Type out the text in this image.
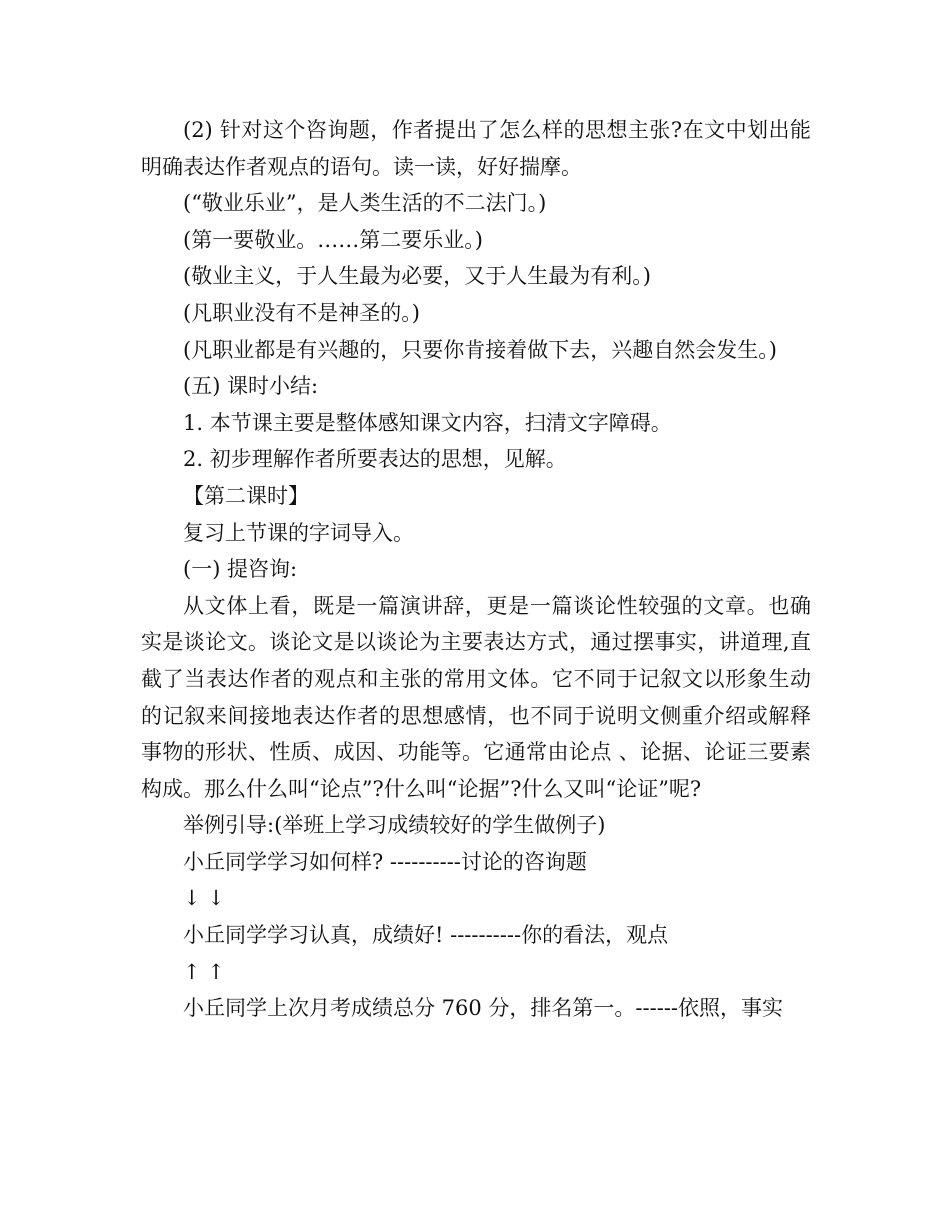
(2) 针对这个咨询题，作者提出了怎么样的思想主张?在文中划出能明确表达作者观点的语句。读一读，好好揣摩。

(“敬业乐业”，是人类生活的不二法门。)

(第一要敬业。……第二要乐业。)

(敬业主义，于人生最为必要，又于人生最为有利。)

(凡职业没有不是神圣的。)

(凡职业都是有兴趣的，只要你肯接着做下去，兴趣自然会发生。)

(五) 课时小结:

1. 本节课主要是整体感知课文内容，扫清文字障碍。

2. 初步理解作者所要表达的思想，见解。

【第二课时】

复习上节课的字词导入。

(一) 提咨询:

从文体上看，既是一篇演讲辞，更是一篇谈论性较强的文章。也确实是谈论文。谈论文是以谈论为主要表达方式，通过摆事实，讲道理,直截了当表达作者的观点和主张的常用文体。它不同于记叙文以形象生动的记叙来间接地表达作者的思想感情，也不同于说明文侧重介绍或解释事物的形状、性质、成因、功能等。它通常由论点 、论据、论证三要素构成。那么什么叫“论点”?什么叫“论据”?什么又叫“论证”呢?

举例引导:(举班上学习成绩较好的学生做例子)

小丘同学学习如何样? ----------讨论的咨询题

↓ ↓

小丘同学学习认真，成绩好! ----------你的看法，观点

↑ ↑

小丘同学上次月考成绩总分 760 分，排名第一。------依照，事实
